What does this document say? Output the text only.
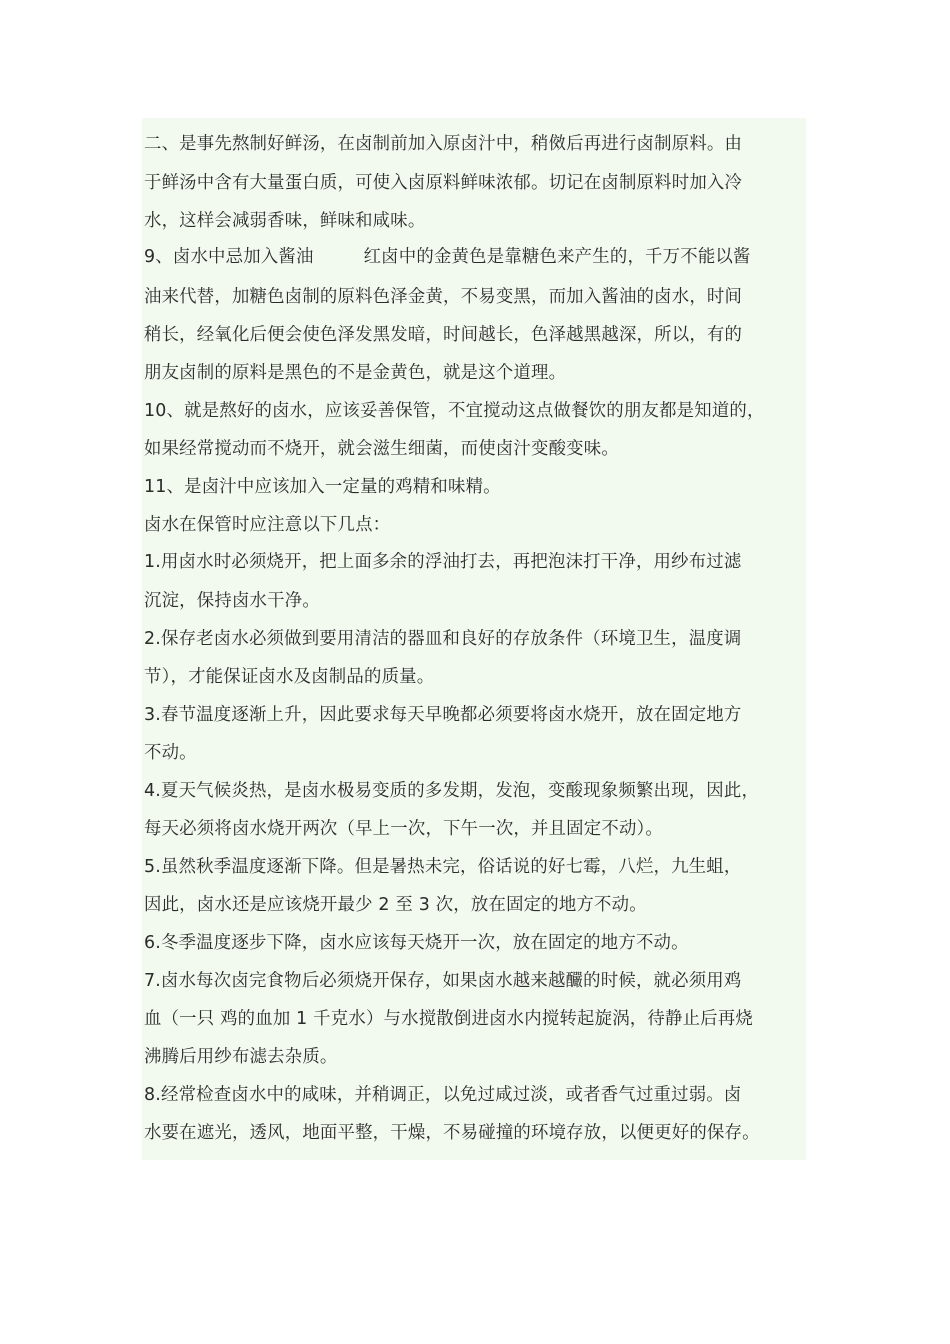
二、是事先熬制好鲜汤，在卤制前加入原卤汁中，稍傚后再进行卤制原料。由
于鲜汤中含有大量蛋白质，可使入卤原料鲜味浓郁。切记在卤制原料时加入冷
水，这样会减弱香味，鲜味和咸味。
9、卤水中忌加入酱油	红卤中的金黄色是靠糖色来产生的，千万不能以酱
油来代替，加糖色卤制的原料色泽金黄，不易变黑，而加入酱油的卤水，时间
稍长，经氧化后便会使色泽发黑发暗，时间越长，色泽越黑越深，所以，有的
朋友卤制的原料是黑色的不是金黄色，就是这个道理。
10、就是熬好的卤水，应该妥善保管，不宜搅动这点做餐饮的朋友都是知道的，
如果经常搅动而不烧开，就会滋生细菌，而使卤汁变酸变味。
11、是卤汁中应该加入一定量的鸡精和味精。
卤水在保管时应注意以下几点：
1.用卤水时必须烧开，把上面多余的浮油打去，再把泡沫打干净，用纱布过滤
沉淀，保持卤水干净。
2.保存老卤水必须做到要用清洁的器皿和良好的存放条件（环境卫生，温度调
节），才能保证卤水及卤制品的质量。
3.春节温度逐渐上升，因此要求每天早晚都必须要将卤水烧开，放在固定地方
不动。
4.夏天气候炎热，是卤水极易变质的多发期，发泡，变酸现象频繁出现，因此，
每天必须将卤水烧开两次（早上一次，下午一次，并且固定不动）。
5.虽然秋季温度逐渐下降。但是暑热未完，俗话说的好七霉，八烂，九生蛆，
因此，卤水还是应该烧开最少 2 至 3 次，放在固定的地方不动。
6.冬季温度逐步下降，卤水应该每天烧开一次，放在固定的地方不动。
7.卤水每次卤完食物后必须烧开保存，如果卤水越来越釅的时候，就必须用鸡
血（一只 鸡的血加 1 千克水）与水搅散倒进卤水内搅转起旋涡，待静止后再烧
沸腾后用纱布滤去杂质。
8.经常检查卤水中的咸味，并稍调正，以免过咸过淡，或者香气过重过弱。卤
水要在遮光，透风，地面平整，干燥，不易碰撞的环境存放，以便更好的保存。
